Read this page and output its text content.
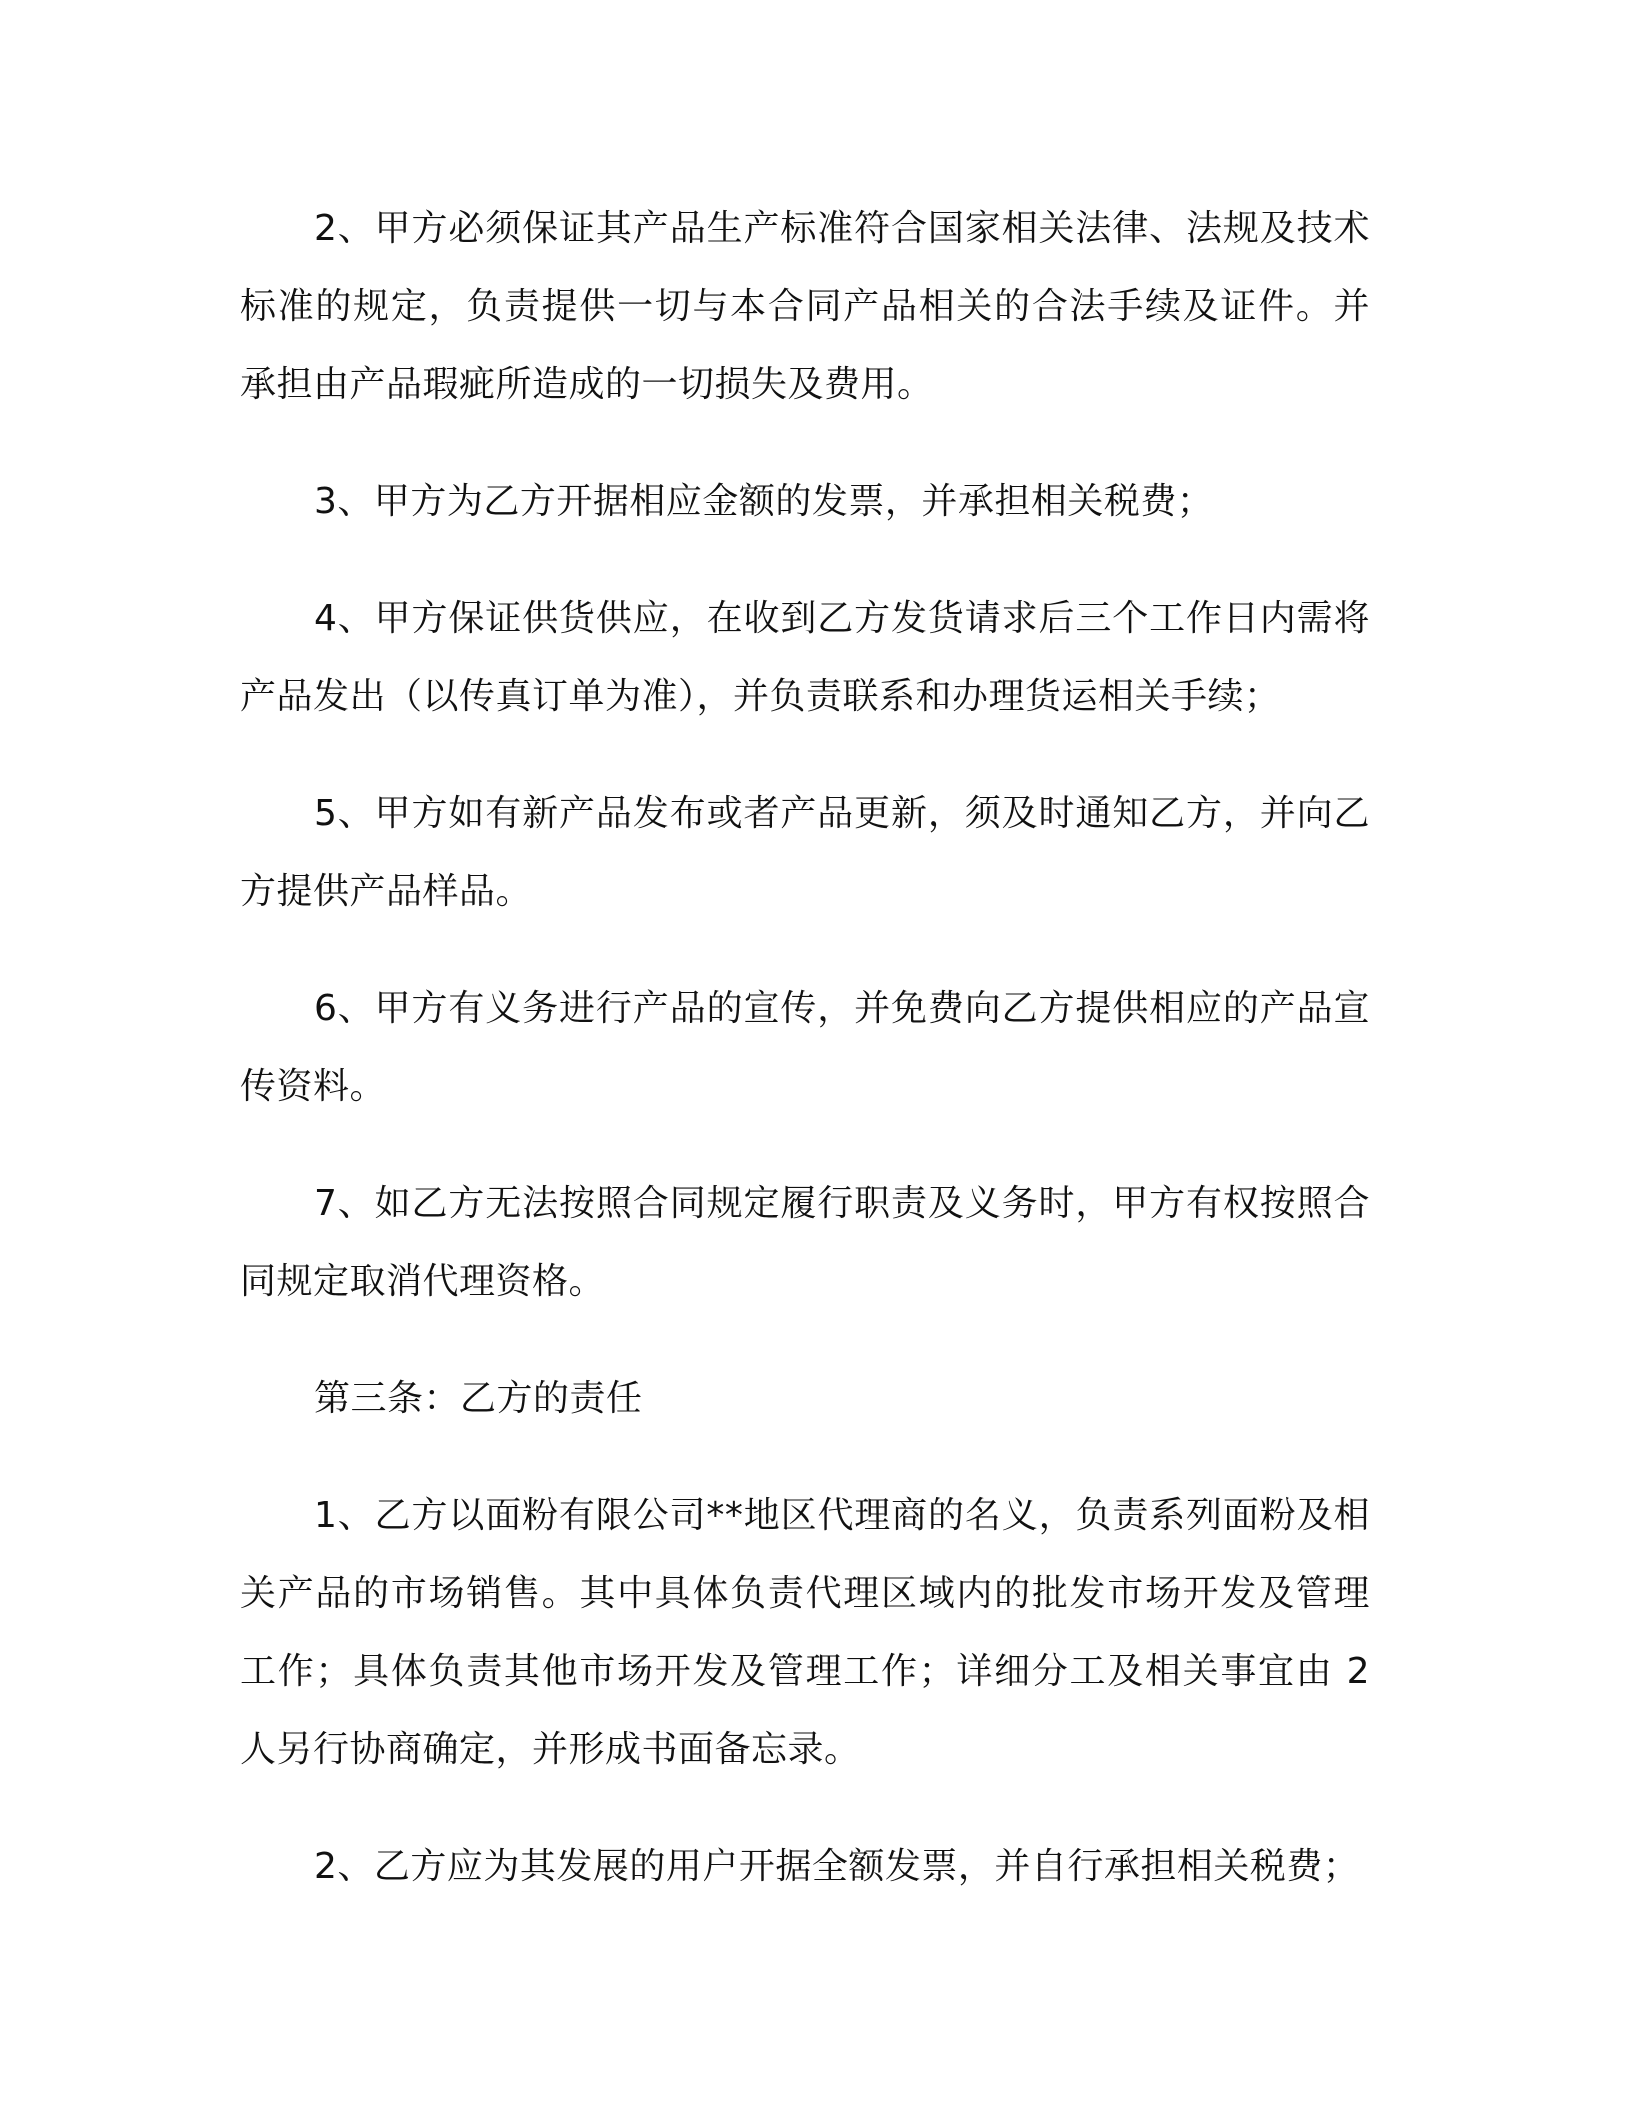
2、甲方必须保证其产品生产标准符合国家相关法律、法规及技术标准的规定，负责提供一切与本合同产品相关的合法手续及证件。并承担由产品瑕疵所造成的一切损失及费用。

3、甲方为乙方开据相应金额的发票，并承担相关税费；

4、甲方保证供货供应，在收到乙方发货请求后三个工作日内需将产品发出（以传真订单为准），并负责联系和办理货运相关手续；

5、甲方如有新产品发布或者产品更新，须及时通知乙方，并向乙方提供产品样品。

6、甲方有义务进行产品的宣传，并免费向乙方提供相应的产品宣传资料。

7、如乙方无法按照合同规定履行职责及义务时，甲方有权按照合同规定取消代理资格。

第三条：乙方的责任

1、乙方以面粉有限公司**地区代理商的名义，负责系列面粉及相关产品的市场销售。其中具体负责代理区域内的批发市场开发及管理工作；具体负责其他市场开发及管理工作；详细分工及相关事宜由 2 人另行协商确定，并形成书面备忘录。

2、乙方应为其发展的用户开据全额发票，并自行承担相关税费；
